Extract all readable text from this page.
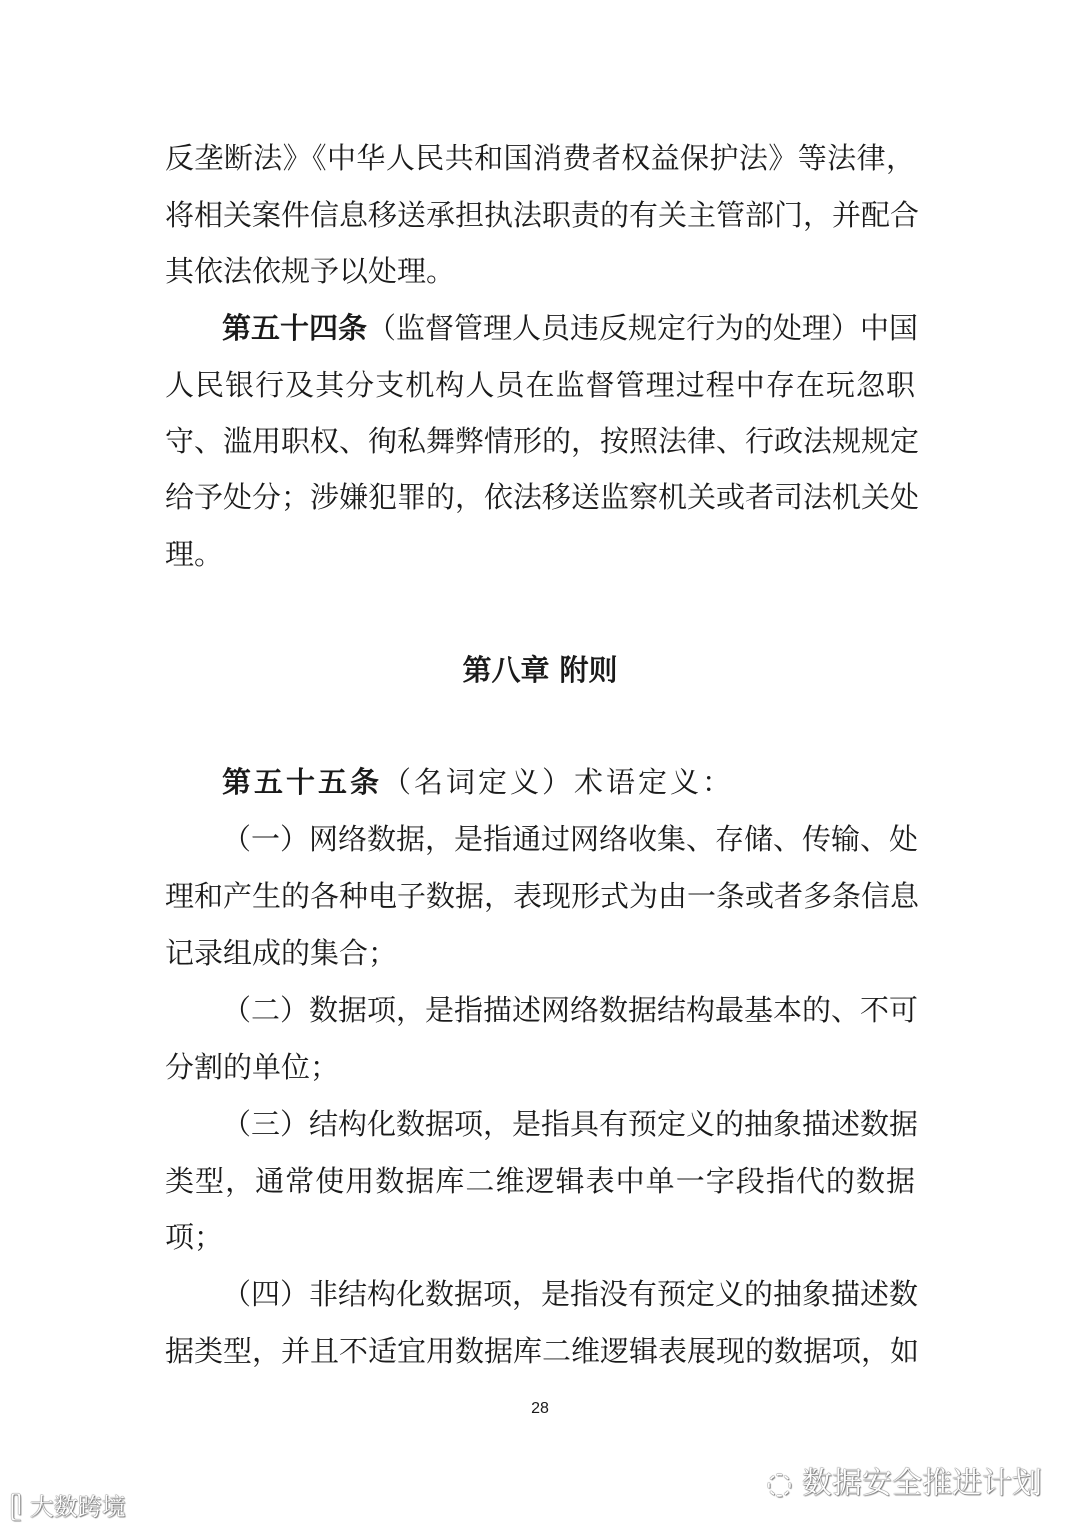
反垄断法》《中华人民共和国消费者权益保护法》等法律，
将相关案件信息移送承担执法职责的有关主管部门，并配合
其依法依规予以处理。
第五十四条（监督管理人员违反规定行为的处理）中国
人民银行及其分支机构人员在监督管理过程中存在玩忽职
守、滥用职权、徇私舞弊情形的，按照法律、行政法规规定
给予处分；涉嫌犯罪的，依法移送监察机关或者司法机关处
理。
第八章 附则
第五十五条（名词定义）术语定义：
（一）网络数据，是指通过网络收集、存储、传输、处
理和产生的各种电子数据，表现形式为由一条或者多条信息
记录组成的集合；
（二）数据项，是指描述网络数据结构最基本的、不可
分割的单位；
（三）结构化数据项，是指具有预定义的抽象描述数据
类型，通常使用数据库二维逻辑表中单一字段指代的数据
项；
（四）非结构化数据项，是指没有预定义的抽象描述数
据类型，并且不适宜用数据库二维逻辑表展现的数据项，如
28
◌ 数据安全推进计划
ᥫ 大数跨境
